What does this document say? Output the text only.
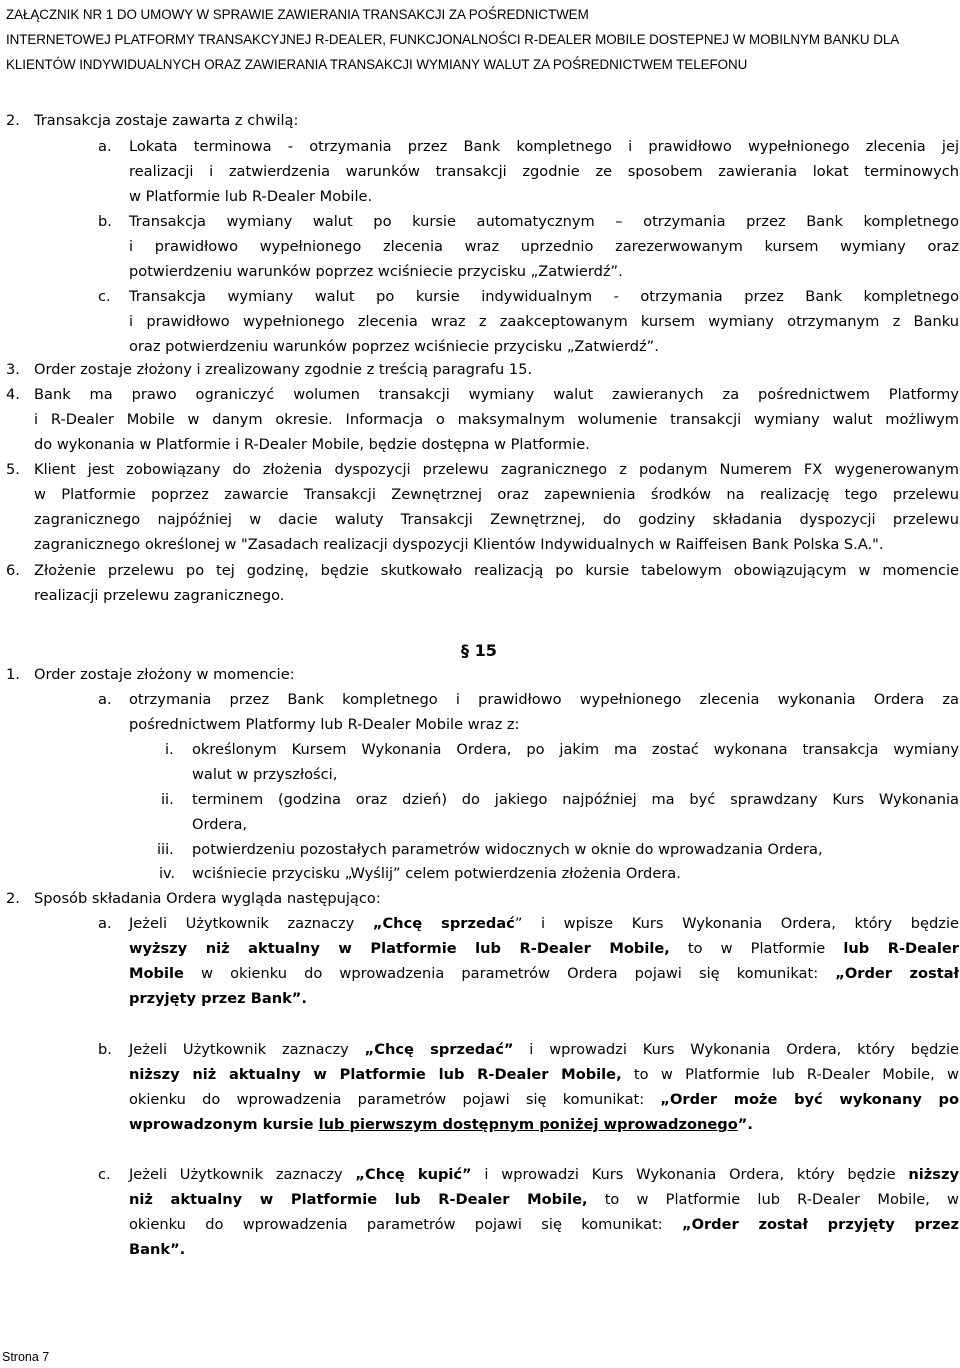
ZAŁĄCZNIK NR 1 DO UMOWY W SPRAWIE ZAWIERANIA TRANSAKCJI ZA POŚREDNICTWEM
INTERNETOWEJ PLATFORMY TRANSAKCYJNEJ R-DEALER, FUNKCJONALNOŚCI R-DEALER MOBILE DOSTEPNEJ W MOBILNYM BANKU DLA
KLIENTÓW INDYWIDUALNYCH ORAZ ZAWIERANIA TRANSAKCJI WYMIANY WALUT ZA POŚREDNICTWEM TELEFONU
2. Transakcja zostaje zawarta z chwilą:
a. Lokata terminowa - otrzymania przez Bank kompletnego i prawidłowo wypełnionego zlecenia jej
realizacji i zatwierdzenia warunków transakcji zgodnie ze sposobem zawierania lokat terminowych
w Platformie lub R-Dealer Mobile.
b. Transakcja wymiany walut po kursie automatycznym – otrzymania przez Bank kompletnego
i prawidłowo wypełnionego zlecenia wraz uprzednio zarezerwowanym kursem wymiany oraz
potwierdzeniu warunków poprzez wciśniecie przycisku „Zatwierdź”.
c. Transakcja wymiany walut po kursie indywidualnym - otrzymania przez Bank kompletnego
i prawidłowo wypełnionego zlecenia wraz z zaakceptowanym kursem wymiany otrzymanym z Banku
oraz potwierdzeniu warunków poprzez wciśniecie przycisku „Zatwierdź”.
3. Order zostaje złożony i zrealizowany zgodnie z treścią paragrafu 15.
4. Bank ma prawo ograniczyć wolumen transakcji wymiany walut zawieranych za pośrednictwem Platformy
i R-Dealer Mobile w danym okresie. Informacja o maksymalnym wolumenie transakcji wymiany walut możliwym
do wykonania w Platformie i R-Dealer Mobile, będzie dostępna w Platformie.
5. Klient jest zobowiązany do złożenia dyspozycji przelewu zagranicznego z podanym Numerem FX wygenerowanym
w Platformie poprzez zawarcie Transakcji Zewnętrznej oraz zapewnienia środków na realizację tego przelewu
zagranicznego najpóźniej w dacie waluty Transakcji Zewnętrznej, do godziny składania dyspozycji przelewu
zagranicznego określonej w "Zasadach realizacji dyspozycji Klientów Indywidualnych w Raiffeisen Bank Polska S.A.".
6. Złożenie przelewu po tej godzinę, będzie skutkowało realizacją po kursie tabelowym obowiązującym w momencie
realizacji przelewu zagranicznego.
§ 15
1. Order zostaje złożony w momencie:
a. otrzymania przez Bank kompletnego i prawidłowo wypełnionego zlecenia wykonania Ordera za
pośrednictwem Platformy lub R-Dealer Mobile wraz z:
i. określonym Kursem Wykonania Ordera, po jakim ma zostać wykonana transakcja wymiany
walut w przyszłości,
ii. terminem (godzina oraz dzień) do jakiego najpóźniej ma być sprawdzany Kurs Wykonania
Ordera,
iii. potwierdzeniu pozostałych parametrów widocznych w oknie do wprowadzania Ordera,
iv. wciśniecie przycisku „Wyślij” celem potwierdzenia złożenia Ordera.
2. Sposób składania Ordera wygląda następująco:
a. Jeżeli Użytkownik zaznaczy „Chcę sprzedać” i wpisze Kurs Wykonania Ordera, który będzie
wyższy niż aktualny w Platformie lub R-Dealer Mobile, to w Platformie lub R-Dealer
Mobile w okienku do wprowadzenia parametrów Ordera pojawi się komunikat: „Order został
przyjęty przez Bank”.
b. Jeżeli Użytkownik zaznaczy „Chcę sprzedać” i wprowadzi Kurs Wykonania Ordera, który będzie
niższy niż aktualny w Platformie lub R-Dealer Mobile, to w Platformie lub R-Dealer Mobile, w
okienku do wprowadzenia parametrów pojawi się komunikat: „Order może być wykonany po
wprowadzonym kursie lub pierwszym dostępnym poniżej wprowadzonego”.
c. Jeżeli Użytkownik zaznaczy „Chcę kupić” i wprowadzi Kurs Wykonania Ordera, który będzie niższy
niż aktualny w Platformie lub R-Dealer Mobile, to w Platformie lub R-Dealer Mobile, w
okienku do wprowadzenia parametrów pojawi się komunikat: „Order został przyjęty przez
Bank”.
Strona 7
